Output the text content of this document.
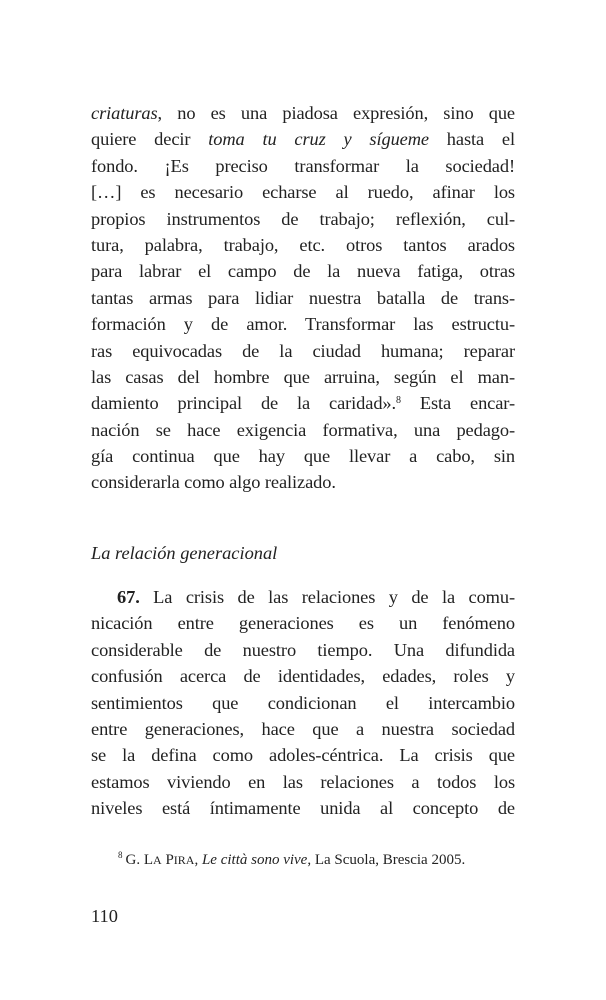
criaturas, no es una piadosa expresión, sino que
quiere decir toma tu cruz y sígueme hasta el
fondo. ¡Es preciso transformar la sociedad!
[…] es necesario echarse al ruedo, afinar los
propios instrumentos de trabajo; reflexión, cul-
tura, palabra, trabajo, etc. otros tantos arados
para labrar el campo de la nueva fatiga, otras
tantas armas para lidiar nuestra batalla de trans-
formación y de amor. Transformar las estructu-
ras equivocadas de la ciudad humana; reparar
las casas del hombre que arruina, según el man-
damiento principal de la caridad».$^8$ Esta encar-
nación se hace exigencia formativa, una pedago-
gía continua que hay que llevar a cabo, sin
considerarla como algo realizado.
La relación generacional
67. La crisis de las relaciones y de la comu-
nicación entre generaciones es un fenómeno
considerable de nuestro tiempo. Una difundida
confusión acerca de identidades, edades, roles y
sentimientos que condicionan el intercambio
entre generaciones, hace que a nuestra sociedad
se la defina como adoles-céntrica. La crisis que
estamos viviendo en las relaciones a todos los
niveles está íntimamente unida al concepto de
$^8$ G. LA PIRA, Le città sono vive, La Scuola, Brescia 2005.
110
